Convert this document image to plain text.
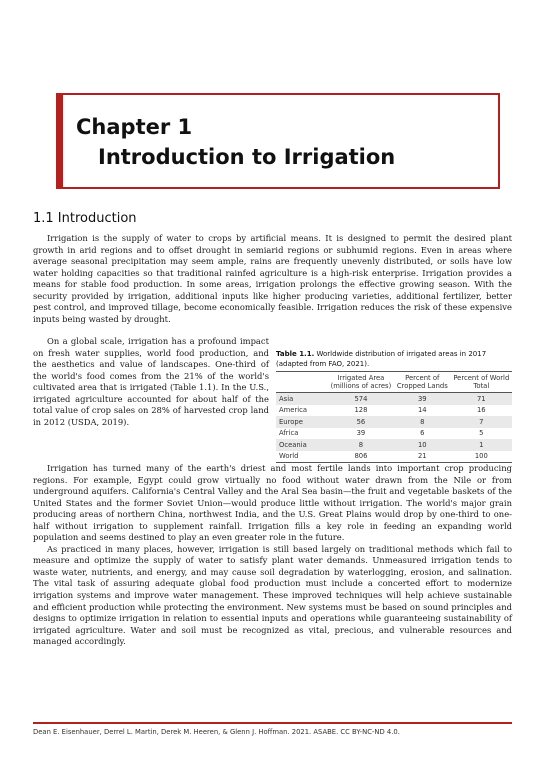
Chapter 1
Introduction to Irrigation
1.1 Introduction

Irrigation is the supply of water to crops by artificial means. It is designed to permit the desired plant growth in arid regions and to offset drought in semiarid regions or subhumid regions. Even in areas where average seasonal precipitation may seem ample, rains are frequently unevenly distributed, or soils have low water holding capacities so that traditional rainfed agriculture is a high-risk enterprise. Irrigation provides a means for stable food production. In some areas, irrigation prolongs the effective growing season. With the security provided by irrigation, additional inputs like higher producing varieties, additional fertilizer, better pest control, and improved tillage, become economically feasible. Irrigation reduces the risk of these expensive inputs being wasted by drought.

On a global scale, irrigation has a profound impact on fresh water supplies, world food production, and the aesthetics and value of landscapes. One-third of the world's food comes from the 21% of the world's cultivated area that is irrigated (Table 1.1). In the U.S., irrigated agriculture accounted for about half of the total value of crop sales on 28% of harvested crop land in 2012 (USDA, 2019).

Irrigation has turned many of the earth's driest and most fertile lands into important crop producing regions. For example, Egypt could grow virtually no food without water drawn from the Nile or from underground aquifers. California's Central Valley and the Aral Sea basin—the fruit and vegetable baskets of the United States and the former Soviet Union—would produce little without irrigation. The world's major grain producing areas of northern China, northwest India, and the U.S. Great Plains would drop by one-third to one-half without irrigation to supplement rainfall. Irrigation fills a key role in feeding an expanding world population and seems destined to play an even greater role in the future.

As practiced in many places, however, irrigation is still based largely on traditional methods which fail to measure and optimize the supply of water to satisfy plant water demands. Unmeasured irrigation tends to waste water, nutrients, and energy, and may cause soil degradation by waterlogging, erosion, and salination. The vital task of assuring adequate global food production must include a concerted effort to modernize irrigation systems and improve water management. These improved techniques will help achieve sustainable and efficient production while protecting the environment. New systems must be based on sound principles and designs to optimize irrigation in relation to essential inputs and operations while guaranteeing sustainability of irrigated agriculture. Water and soil must be recognized as vital, precious, and vulnerable resources and managed accordingly.

Table 1.1. Worldwide distribution of irrigated areas in 2017 (adapted from FAO, 2021).
	Irrigated Area (millions of acres)	Percent of Cropped Lands	Percent of World Total
Asia	574	39	71
America	128	14	16
Europe	56	8	7
Africa	39	6	5
Oceania	8	10	1
World	806	21	100
Dean E. Eisenhauer, Derrel L. Martin, Derek M. Heeren, & Glenn J. Hoffman. 2021. ASABE. CC BY-NC-ND 4.0.
